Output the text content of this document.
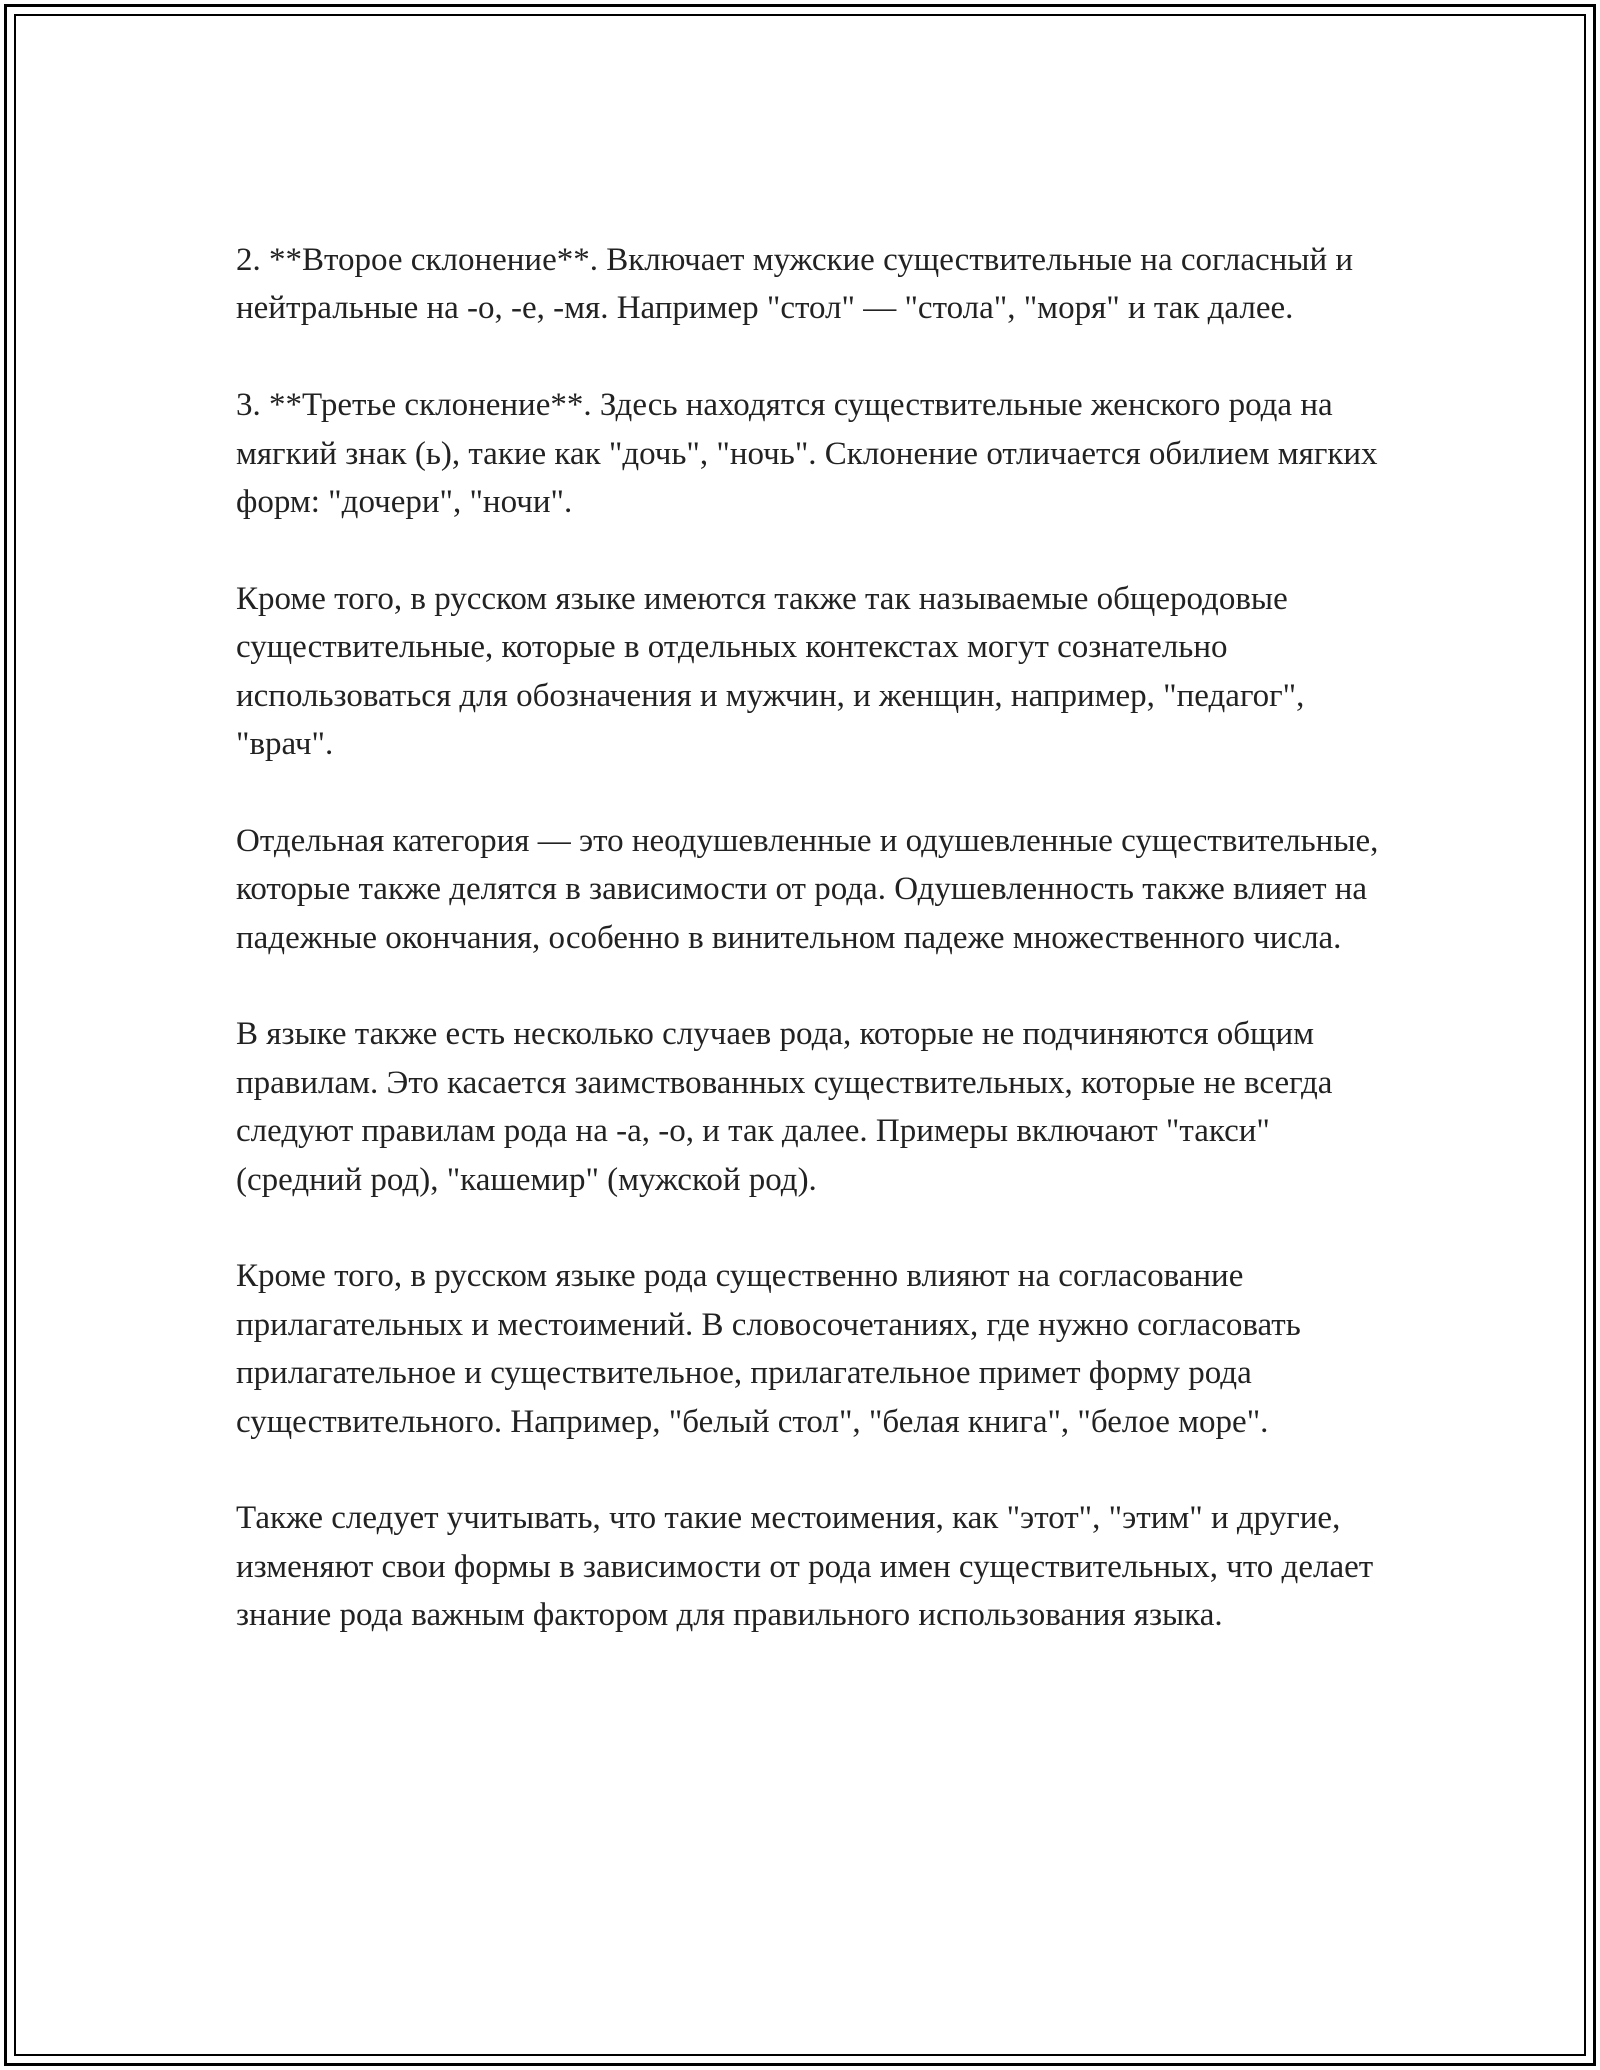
2. **Второе склонение**. Включает мужские существительные на согласный и нейтральные на -о, -е, -мя. Например "стол" — "стола", "моря" и так далее.

3. **Третье склонение**. Здесь находятся существительные женского рода на мягкий знак (ь), такие как "дочь", "ночь". Склонение отличается обилием мягких форм: "дочери", "ночи".

Кроме того, в русском языке имеются также так называемые общеродовые существительные, которые в отдельных контекстах могут сознательно использоваться для обозначения и мужчин, и женщин, например, "педагог", "врач".

Отдельная категория — это неодушевленные и одушевленные существительные, которые также делятся в зависимости от рода. Одушевленность также влияет на падежные окончания, особенно в винительном падеже множественного числа.

В языке также есть несколько случаев рода, которые не подчиняются общим правилам. Это касается заимствованных существительных, которые не всегда следуют правилам рода на -а, -о, и так далее. Примеры включают "такси" (средний род), "кашемир" (мужской род).

Кроме того, в русском языке рода существенно влияют на согласование прилагательных и местоимений. В словосочетаниях, где нужно согласовать прилагательное и существительное, прилагательное примет форму рода существительного. Например, "белый стол", "белая книга", "белое море".

Также следует учитывать, что такие местоимения, как "этот", "этим" и другие, изменяют свои формы в зависимости от рода имен существительных, что делает знание рода важным фактором для правильного использования языка.
